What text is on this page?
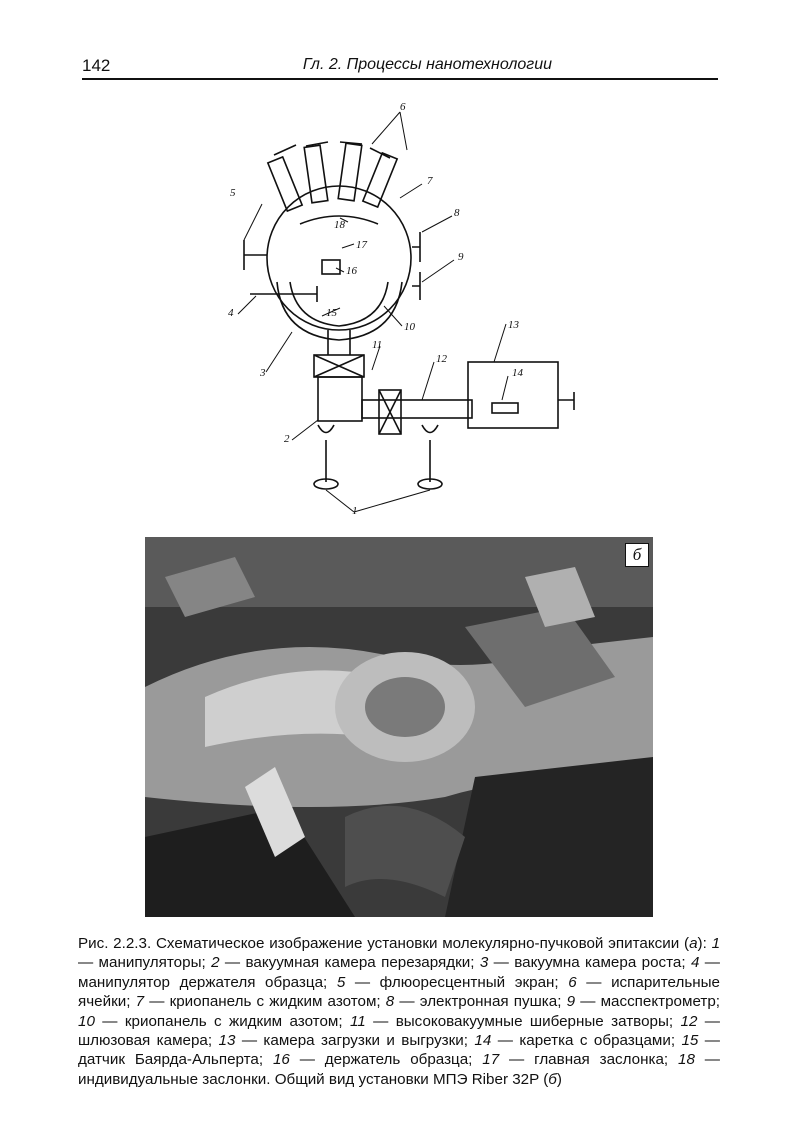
142	Гл. 2. Процессы нанотехнологии
6
7
8
9
5
4
3
2
10
11
12
13
14
15
16
17
18
1
б
Рис. 2.2.3. Схематическое изображение установки молекулярно-пучковой эпитаксии (а): 1 — манипуляторы; 2 — вакуумная камера перезарядки; 3 — вакуумна камера роста; 4 — манипулятор держателя образца; 5 — флюоресцентный экран; 6 — испарительные ячейки; 7 — криопанель с жидким азотом; 8 — электронная пушка; 9 — масспектрометр; 10 — криопанель с жидким азотом; 11 — высоковакуумные шиберные затворы; 12 — шлюзовая камера; 13 — камера загрузки и выгрузки; 14 — каретка с образцами; 15 — датчик Баярда-Альперта; 16 — держатель образца; 17 — главная заслонка; 18 — индивидуальные заслонки. Общий вид установки МПЭ Riber 32P (б)
